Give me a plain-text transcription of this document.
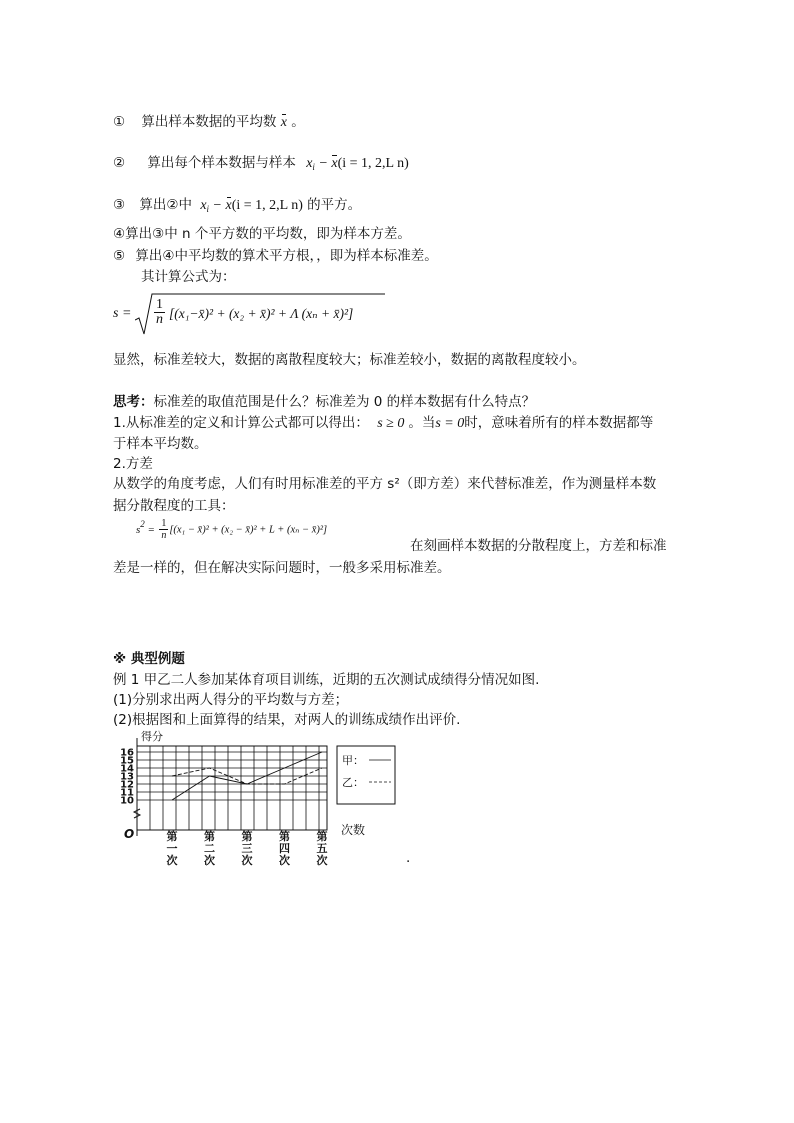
① 算出样本数据的平均数 x 。
② 算出每个样本数据与样本 $x_i - x(i = 1$, 2,L n)
③ 算出②中 $x_i - x(i = 1$, 2,L n) 的平方。
④算出③中 n 个平方数的平均数，即为样本方差。
⑤ 算出④中平均数的算术平方根，，即为样本标准差。
其计算公式为：
$s = \frac{1}{n}$ [(x₁−x̄)² + (x₂ + x̄)² + Λ (xₙ + x̄)²]
显然，标准差较大，数据的离散程度较大；标准差较小，数据的离散程度较小。
思考：标准差的取值范围是什么？标准差为 0 的样本数据有什么特点？
1.从标准差的定义和计算公式都可以得出： s ≥ 0 。当s = 0时，意味着所有的样本数据都等
于样本平均数。
2.方差
从数学的角度考虑，人们有时用标准差的平方 s²（即方差）来代替标准差，作为测量样本数
据分散程度的工具：
$s^2 = \frac{1}{n} [(x_1$ − x̄)² + (x₂ − x̄)² + L + (xₙ − x̄)²]
在刻画样本数据的分散程度上，方差和标准
差是一样的，但在解决实际问题时，一般多采用标准差。
※ 典型例题
例 1 甲乙二人参加某体育项目训练，近期的五次测试成绩得分情况如图.
(1)分别求出两人得分的平均数与方差；
(2)根据图和上面算得的结果，对两人的训练成绩作出评价.
16
15
14
13
12
11
10
得分
O	次数
第
一
次
第
二
次
第
三
次
第
四
次
第
五
次
甲：
乙：
.
